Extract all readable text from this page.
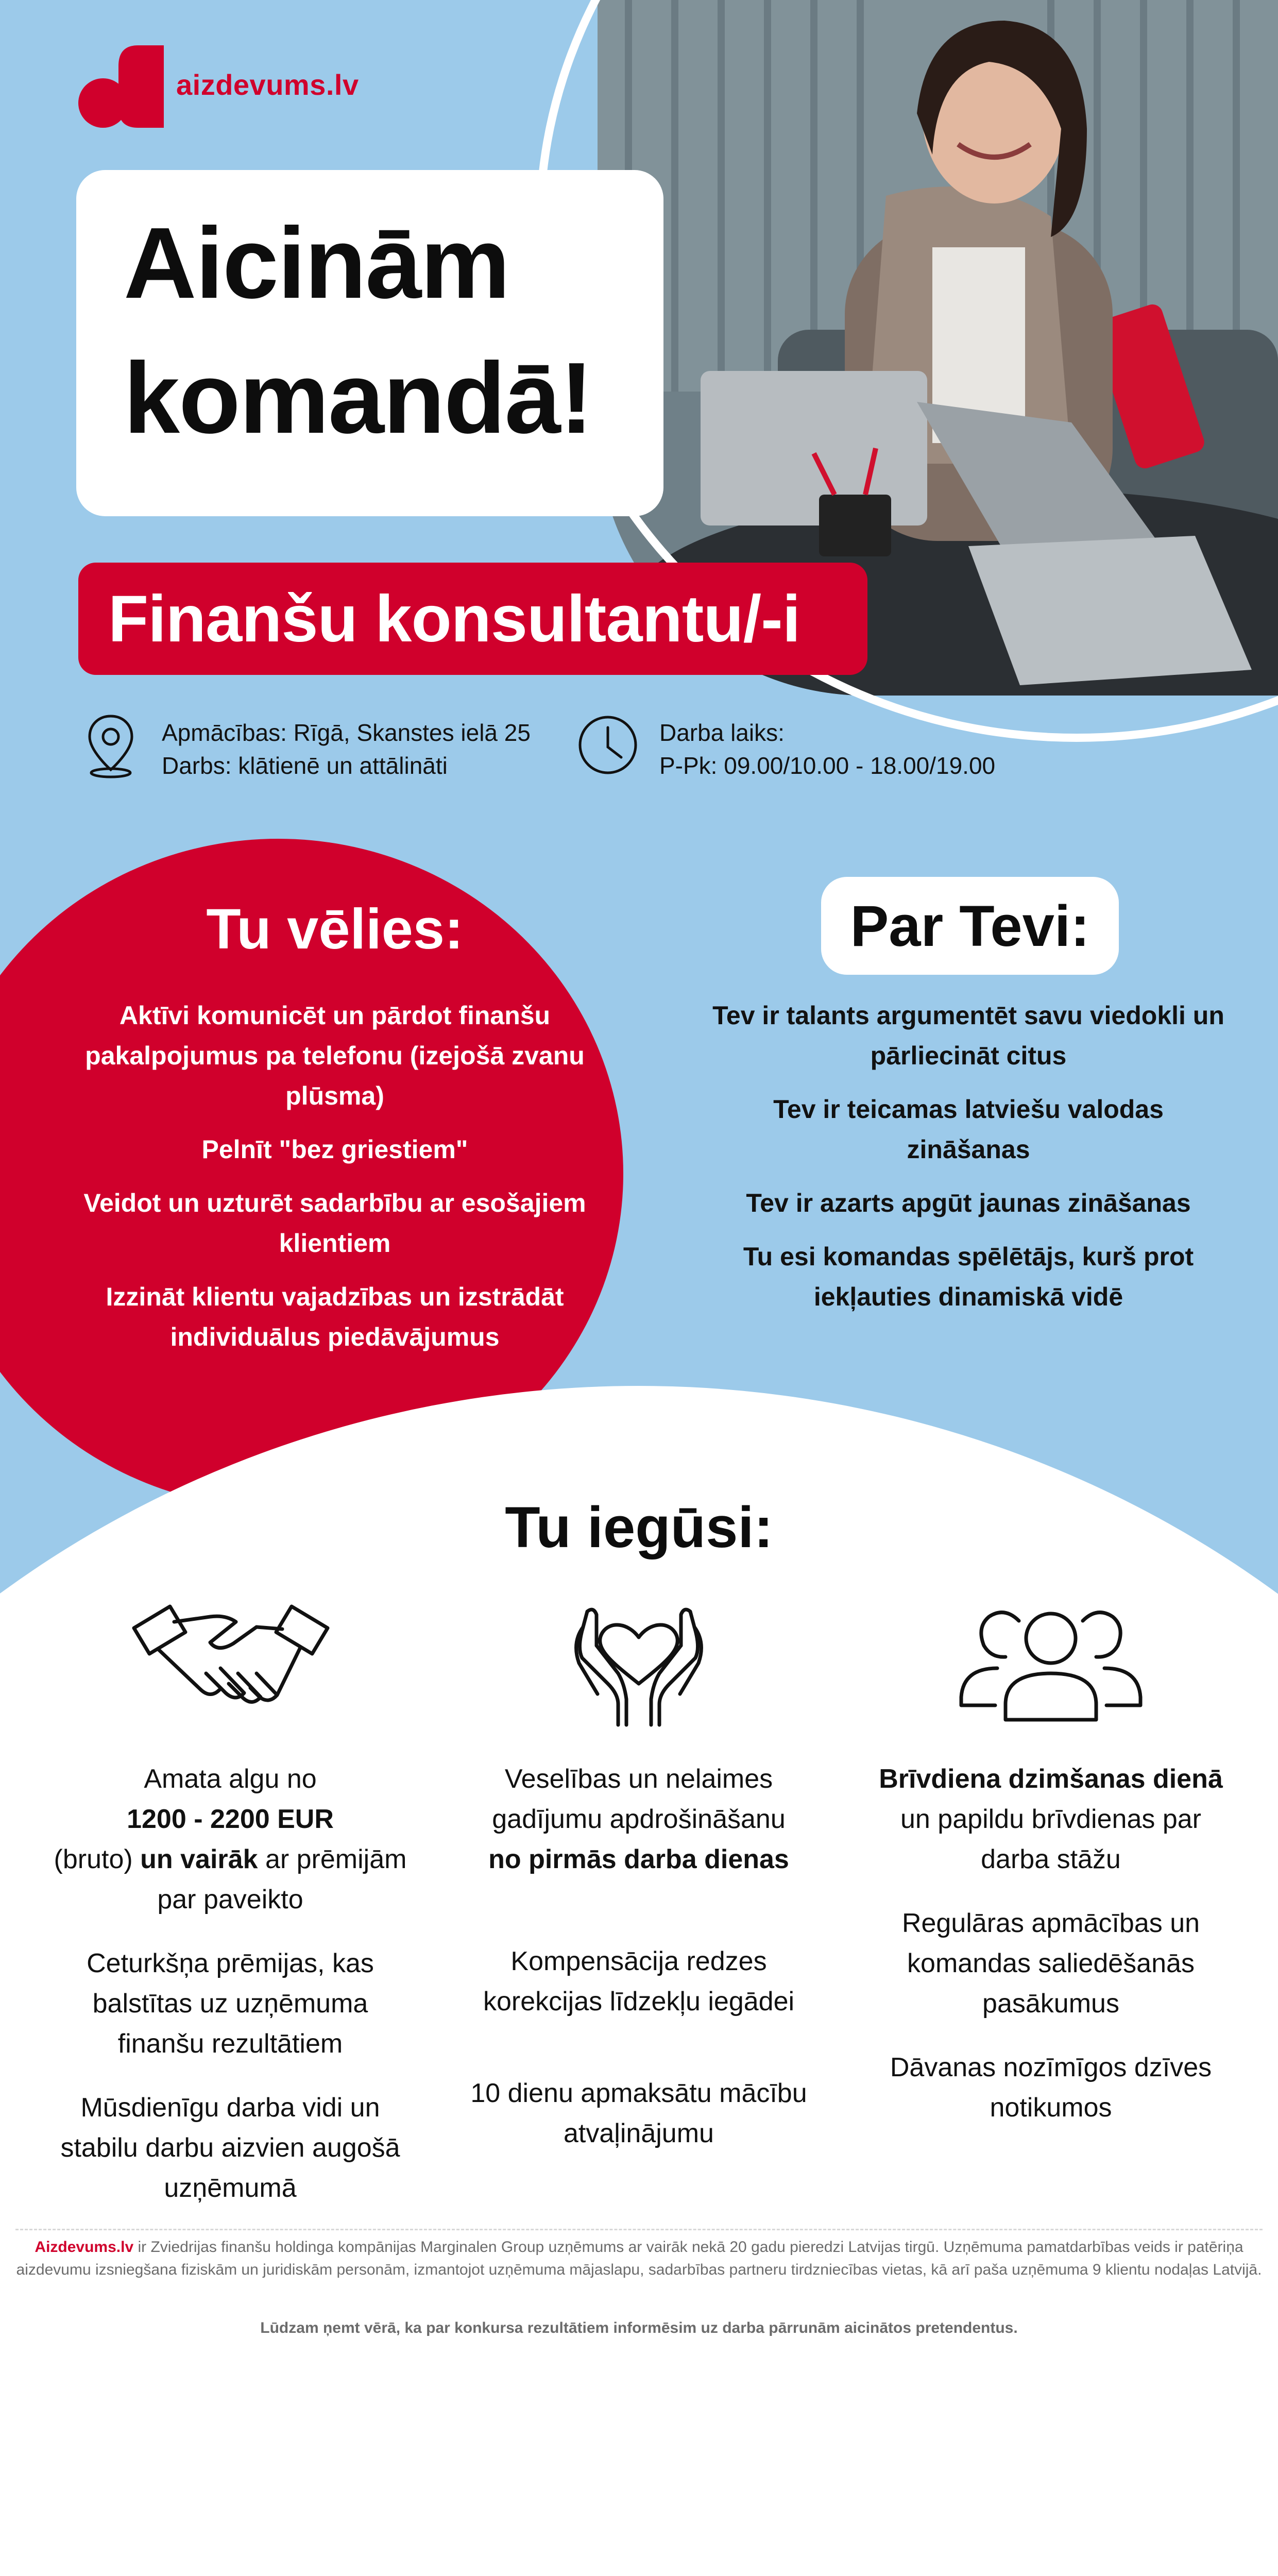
aizdevums.lv
Aicinām
komandā!
Finanšu konsultantu/-i
Apmācības: Rīgā, Skanstes ielā 25
Darbs: klātienē un attālināti
Darba laiks:
P-Pk: 09.00/10.00 - 18.00/19.00
Tu vēlies:

Aktīvi komunicēt un pārdot finanšu pakalpojumus pa telefonu (izejošā zvanu plūsma)

Pelnīt "bez griestiem"

Veidot un uzturēt sadarbību ar esošajiem klientiem

Izzināt klientu vajadzības un izstrādāt individuālus piedāvājumus

Par Tevi:

Tev ir talants argumentēt savu viedokli un pārliecināt citus

Tev ir teicamas latviešu valodas zināšanas

Tev ir azarts apgūt jaunas zināšanas

Tu esi komandas spēlētājs, kurš prot iekļauties dinamiskā vidē

Tu iegūsi:

Amata algu no
1200 - 2200 EUR
(bruto) un vairāk ar prēmijām par paveikto

Ceturkšņa prēmijas, kas balstītas uz uzņēmuma finanšu rezultātiem

Mūsdienīgu darba vidi un stabilu darbu aizvien augošā uzņēmumā

Veselības un nelaimes gadījumu apdrošināšanu
no pirmās darba dienas

Kompensācija redzes korekcijas līdzekļu iegādei

10 dienu apmaksātu mācību atvaļinājumu

Brīvdiena dzimšanas dienā un papildu brīvdienas par darba stāžu

Regulāras apmācības un komandas saliedēšanās pasākumus

Dāvanas nozīmīgos dzīves notikumos

Aizdevums.lv ir Zviedrijas finanšu holdinga kompānijas Marginalen Group uzņēmums ar vairāk nekā 20 gadu pieredzi Latvijas tirgū. Uzņēmuma pamatdarbības veids ir patēriņa aizdevumu izsniegšana fiziskām un juridiskām personām, izmantojot uzņēmuma mājaslapu, sadarbības partneru tirdzniecības vietas, kā arī paša uzņēmuma 9 klientu nodaļas Latvijā.
Lūdzam ņemt vērā, ka par konkursa rezultātiem informēsim uz darba pārrunām aicinātos pretendentus.
